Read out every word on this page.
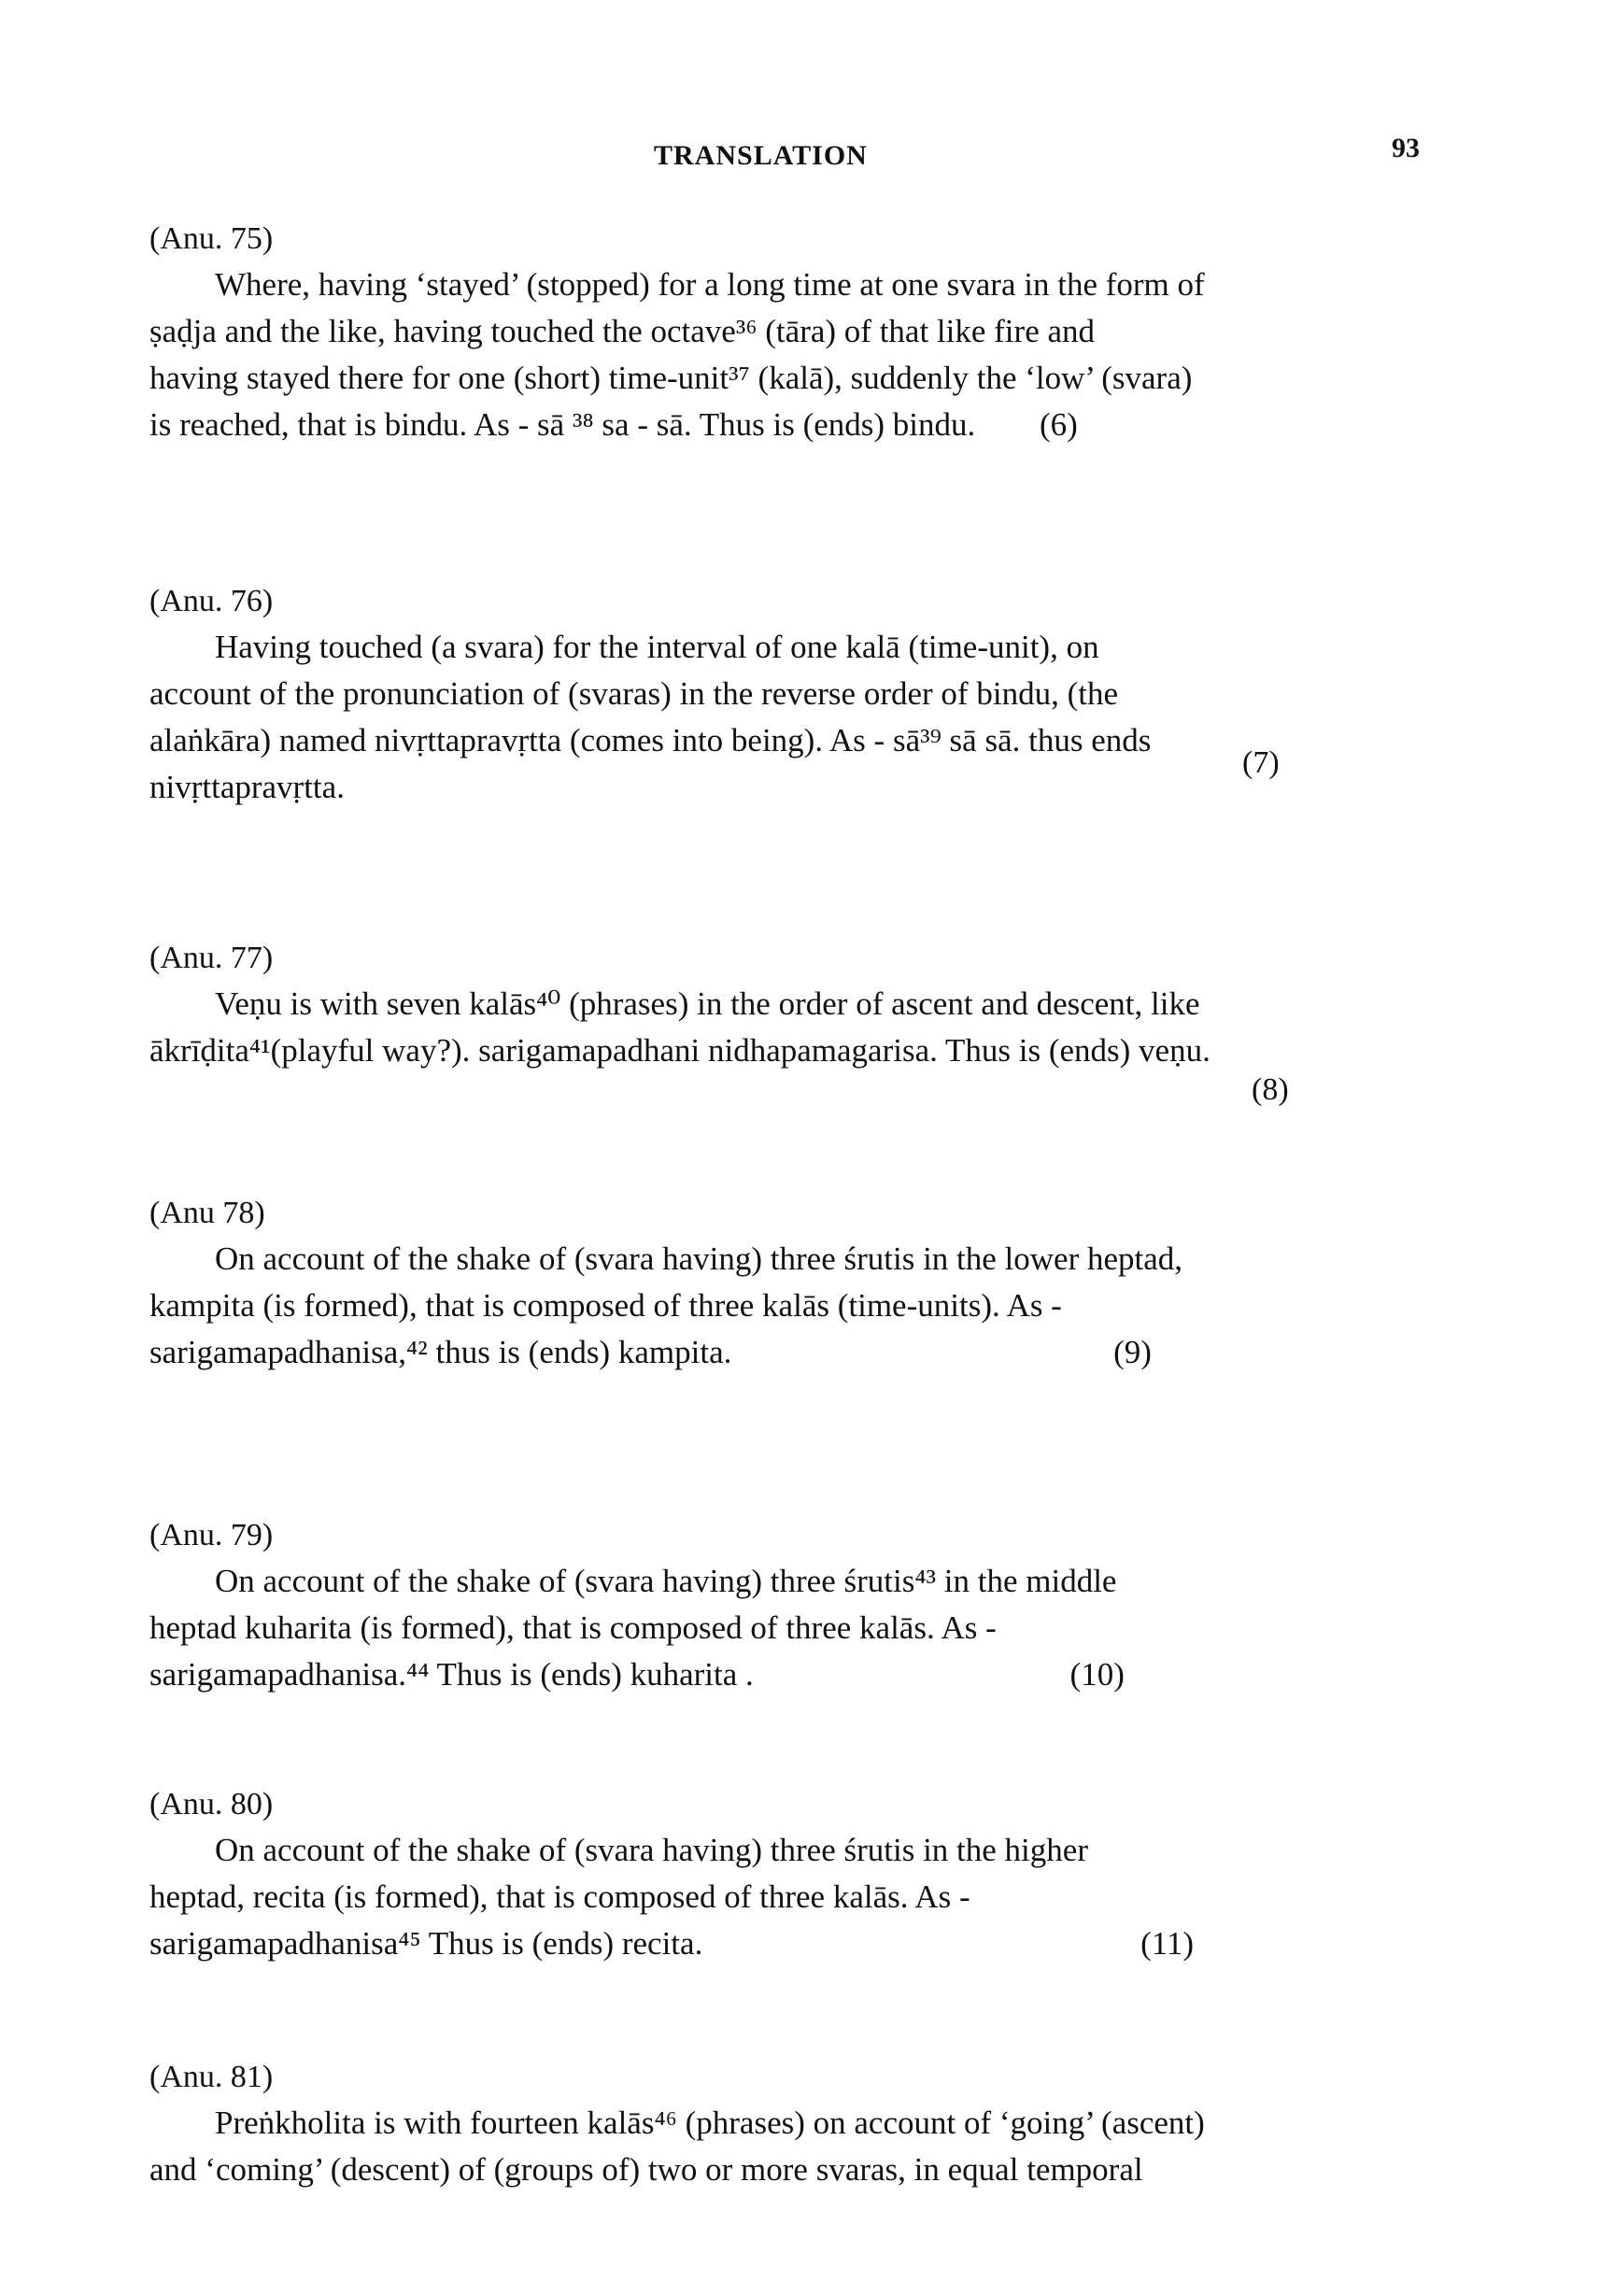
TRANSLATION	93
(Anu. 75)
Where, having ‘stayed’ (stopped) for a long time at one svara in the form of
ṣaḍja and the like, having touched the octave³⁶ (tāra) of that like fire and
having stayed there for one (short) time-unit³⁷ (kalā), suddenly the ‘low’ (svara)
is reached, that is bindu. As - sā ³⁸ sa - sā. Thus is (ends) bindu. (6)
(Anu. 76)
Having touched (a svara) for the interval of one kalā (time-unit), on
account of the pronunciation of (svaras) in the reverse order of bindu, (the
alaṅkāra) named nivṛttapravṛtta (comes into being). As - sā³⁹ sā sā. thus ends
nivṛttapravṛtta.
(7)
(Anu. 77)
Veṇu is with seven kalās⁴⁰ (phrases) in the order of ascent and descent, like
ākrīḍita⁴¹(playful way?). sarigamapadhani nidhapamagarisa. Thus is (ends) veṇu.
(8)
(Anu 78)
On account of the shake of (svara having) three śrutis in the lower heptad,
kampita (is formed), that is composed of three kalās (time-units). As -
sarigamapadhanisa,⁴² thus is (ends) kampita.	(9)
(Anu. 79)
On account of the shake of (svara having) three śrutis⁴³ in the middle
heptad kuharita (is formed), that is composed of three kalās. As -
sarigamapadhanisa.⁴⁴ Thus is (ends) kuharita .	(10)
(Anu. 80)
On account of the shake of (svara having) three śrutis in the higher
heptad, recita (is formed), that is composed of three kalās. As -
sarigamapadhanisa⁴⁵ Thus is (ends) recita.	(11)
(Anu. 81)
Preṅkholita is with fourteen kalās⁴⁶ (phrases) on account of ‘going’ (ascent)
and ‘coming’ (descent) of (groups of) two or more svaras, in equal temporal
